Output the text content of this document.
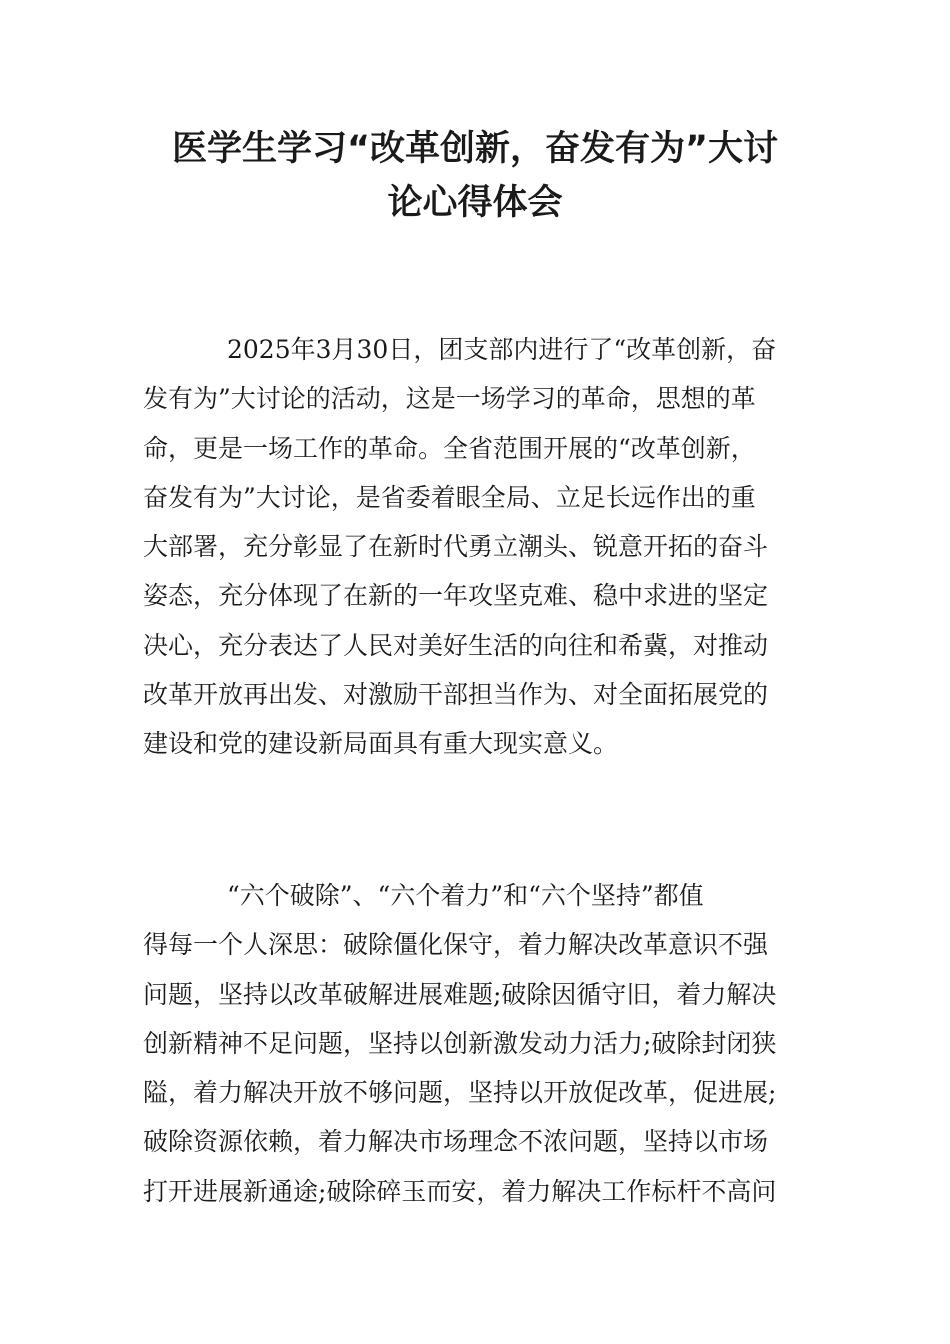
医学生学习“改革创新，奋发有为”大讨
论心得体会
2025年3月30日，团支部内进行了“改革创新，奋
发有为”大讨论的活动，这是一场学习的革命，思想的革
命，更是一场工作的革命。全省范围开展的“改革创新，
奋发有为”大讨论，是省委着眼全局、立足长远作出的重
大部署，充分彰显了在新时代勇立潮头、锐意开拓的奋斗
姿态，充分体现了在新的一年攻坚克难、稳中求进的坚定
决心，充分表达了人民对美好生活的向往和希冀，对推动
改革开放再出发、对激励干部担当作为、对全面拓展党的
建设和党的建设新局面具有重大现实意义。
“六个破除”、“六个着力”和“六个坚持”都值
得每一个人深思：破除僵化保守，着力解决改革意识不强
问题，坚持以改革破解进展难题;破除因循守旧，着力解决
创新精神不足问题，坚持以创新激发动力活力;破除封闭狭
隘，着力解决开放不够问题，坚持以开放促改革，促进展;
破除资源依赖，着力解决市场理念不浓问题，坚持以市场
打开进展新通途;破除碎玉而安，着力解决工作标杆不高问
